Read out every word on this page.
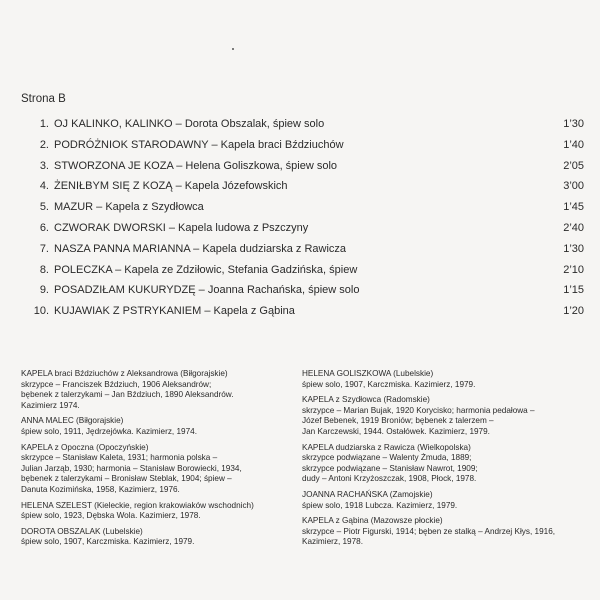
Strona B
1. OJ KALINKO, KALINKO – Dorota Obszalak, śpiew solo	1’30
2. PODRÓŻNIOK STARODAWNY – Kapela braci Bździuchów	1’40
3. STWORZONA JE KOZA – Helena Goliszkowa, śpiew solo	2’05
4. ŻENIŁBYM SIĘ Z KOZĄ – Kapela Józefowskich	3’00
5. MAZUR – Kapela z Szydłowca	1’45
6. CZWORAK DWORSKI – Kapela ludowa z Pszczyny	2’40
7. NASZA PANNA MARIANNA – Kapela dudziarska z Rawicza	1’30
8. POLECZKA – Kapela ze Zdziłowic, Stefania Gadzińska, śpiew	2’10
9. POSADZIŁAM KUKURYDZĘ – Joanna Rachańska, śpiew solo	1’15
10. KUJAWIAK Z PSTRYKANIEM – Kapela z Gąbina	1’20
KAPELA braci Bździuchów z Aleksandrowa (Biłgorajskie)
skrzypce – Franciszek Bździuch, 1906 Aleksandrów;
bębenek z talerzykami – Jan Bździuch, 1890 Aleksandrów.
Kazimierz 1974.
ANNA MALEC (Biłgorajskie)
śpiew solo, 1911, Jędrzejówka. Kazimierz, 1974.
KAPELA z Opoczna (Opoczyńskie)
skrzypce – Stanisław Kaleta, 1931; harmonia polska –
Julian Jarząb, 1930; harmonia – Stanisław Borowiecki, 1934,
bębenek z talerzykami – Bronisław Steblak, 1904; śpiew –
Danuta Kozimińska, 1958, Kazimierz, 1976.
HELENA SZELEST (Kieleckie, region krakowiaków wschodnich)
śpiew solo, 1923, Dębska Wola. Kazimierz, 1978.
DOROTA OBSZALAK (Lubelskie)
śpiew solo, 1907, Karczmiska. Kazimierz, 1979.
HELENA GOLISZKOWA (Lubelskie)
śpiew solo, 1907, Karczmiska. Kazimierz, 1979.
KAPELA z Szydłowca (Radomskie)
skrzypce – Marian Bujak, 1920 Korycisko; harmonia pedałowa –
Józef Bebenek, 1919 Broniów; bębenek z talerzem –
Jan Karczewski, 1944. Ostałówek. Kazimierz, 1979.
KAPELA dudziarska z Rawicza (Wielkopolska)
skrzypce podwiązane – Walenty Żmuda, 1889;
skrzypce podwiązane – Stanisław Nawrot, 1909;
dudy – Antoni Krzyżoszczak, 1908, Płock, 1978.
JOANNA RACHAŃSKA (Zamojskie)
śpiew solo, 1918 Lubcza. Kazimierz, 1979.
KAPELA z Gąbina (Mazowsze płockie)
skrzypce – Piotr Figurski, 1914; bęben ze stalką – Andrzej Kłys, 1916,
Kazimierz, 1978.
